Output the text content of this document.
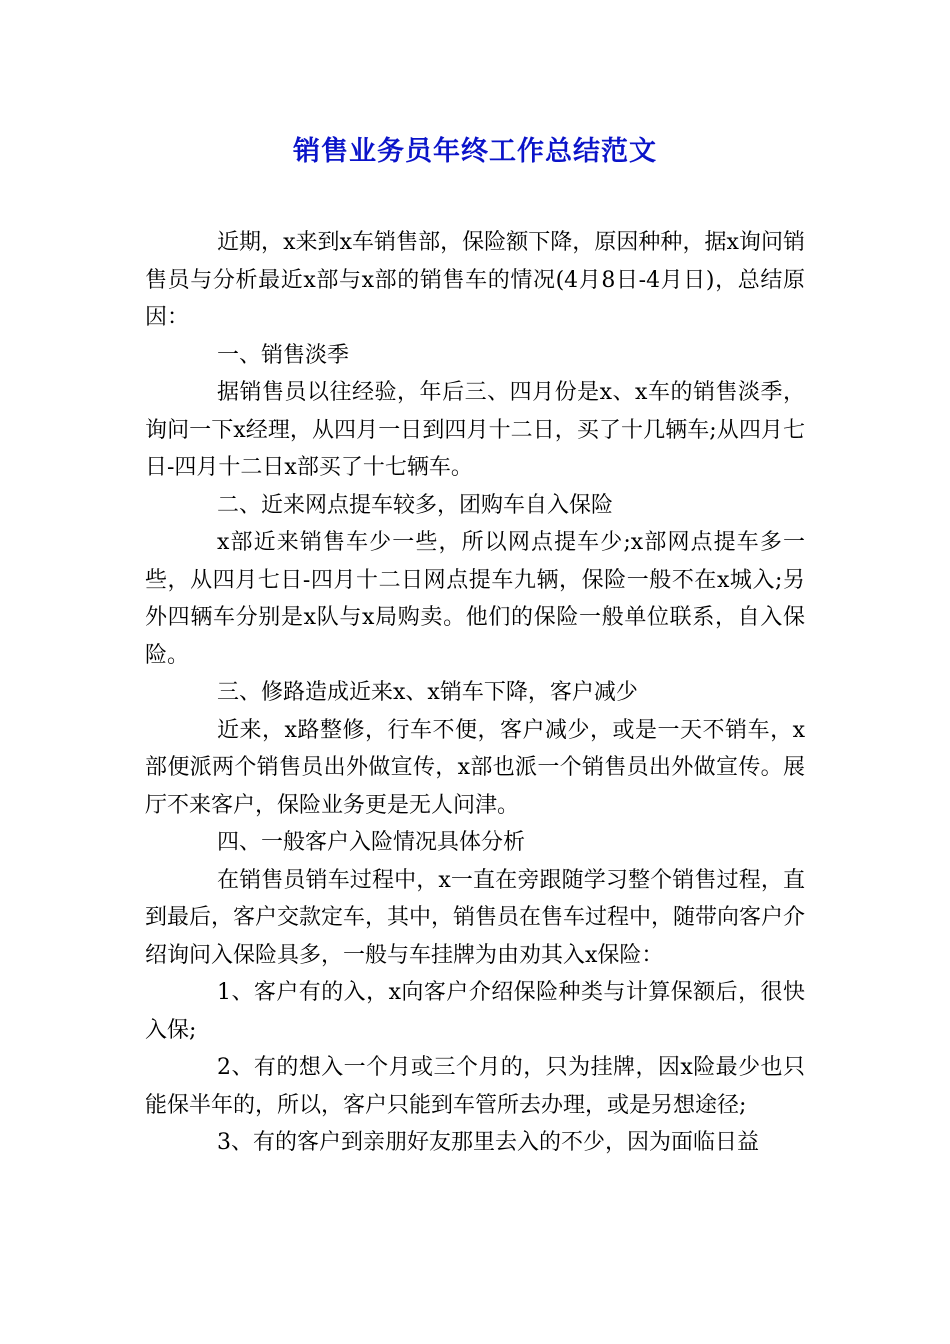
销售业务员年终工作总结范文

近期，x来到x车销售部，保险额下降，原因种种，据x询问销售员与分析最近x部与x部的销售车的情况(4月8日-4月日)，总结原因：

一、销售淡季

据销售员以往经验，年后三、四月份是x、x车的销售淡季，询问一下x经理，从四月一日到四月十二日，买了十几辆车;从四月七日-四月十二日x部买了十七辆车。

二、近来网点提车较多，团购车自入保险

x部近来销售车少一些，所以网点提车少;x部网点提车多一些，从四月七日-四月十二日网点提车九辆，保险一般不在x城入;另外四辆车分别是x队与x局购卖。他们的保险一般单位联系，自入保险。

三、修路造成近来x、x销车下降，客户减少

近来，x路整修，行车不便，客户减少，或是一天不销车，x部便派两个销售员出外做宣传，x部也派一个销售员出外做宣传。展厅不来客户，保险业务更是无人问津。

四、一般客户入险情况具体分析

在销售员销车过程中，x一直在旁跟随学习整个销售过程，直到最后，客户交款定车，其中，销售员在售车过程中，随带向客户介绍询问入保险具多，一般与车挂牌为由劝其入x保险：

1、客户有的入，x向客户介绍保险种类与计算保额后，很快入保;

2、有的想入一个月或三个月的，只为挂牌，因x险最少也只能保半年的，所以，客户只能到车管所去办理，或是另想途径;

3、有的客户到亲朋好友那里去入的不少，因为面临日益
